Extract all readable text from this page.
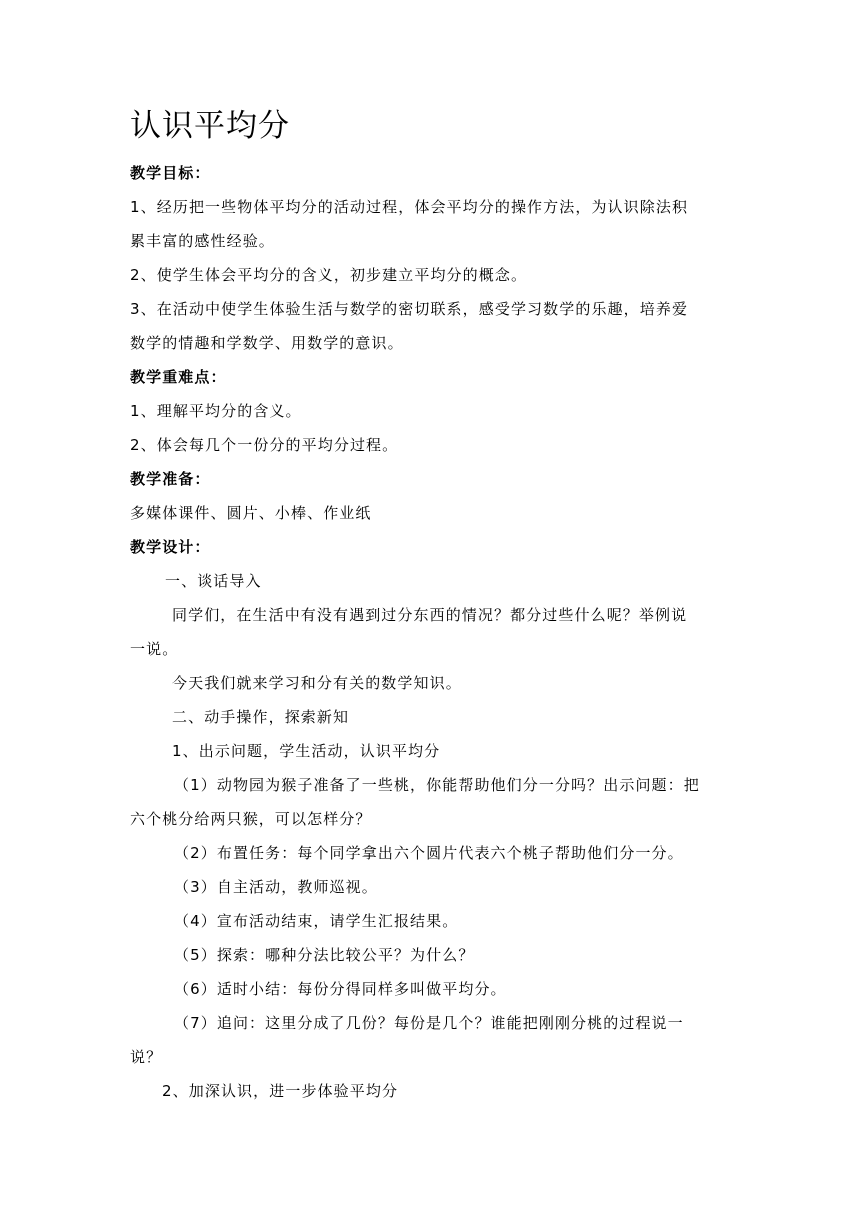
认识平均分

教学目标：

1、经历把一些物体平均分的活动过程，体会平均分的操作方法，为认识除法积

累丰富的感性经验。

2、使学生体会平均分的含义，初步建立平均分的概念。

3、在活动中使学生体验生活与数学的密切联系，感受学习数学的乐趣，培养爱

数学的情趣和学数学、用数学的意识。

教学重难点：

1、理解平均分的含义。

2、体会每几个一份分的平均分过程。

教学准备：

多媒体课件、圆片、小棒、作业纸

教学设计：

一、谈话导入

同学们，在生活中有没有遇到过分东西的情况？都分过些什么呢？举例说

一说。

今天我们就来学习和分有关的数学知识。

二、动手操作，探索新知

1、出示问题，学生活动，认识平均分

（1）动物园为猴子准备了一些桃，你能帮助他们分一分吗？出示问题：把

六个桃分给两只猴，可以怎样分？

（2）布置任务：每个同学拿出六个圆片代表六个桃子帮助他们分一分。

（3）自主活动，教师巡视。

（4）宣布活动结束，请学生汇报结果。

（5）探索：哪种分法比较公平？为什么？

（6）适时小结：每份分得同样多叫做平均分。

（7）追问：这里分成了几份？每份是几个？谁能把刚刚分桃的过程说一

说？

2、加深认识，进一步体验平均分
